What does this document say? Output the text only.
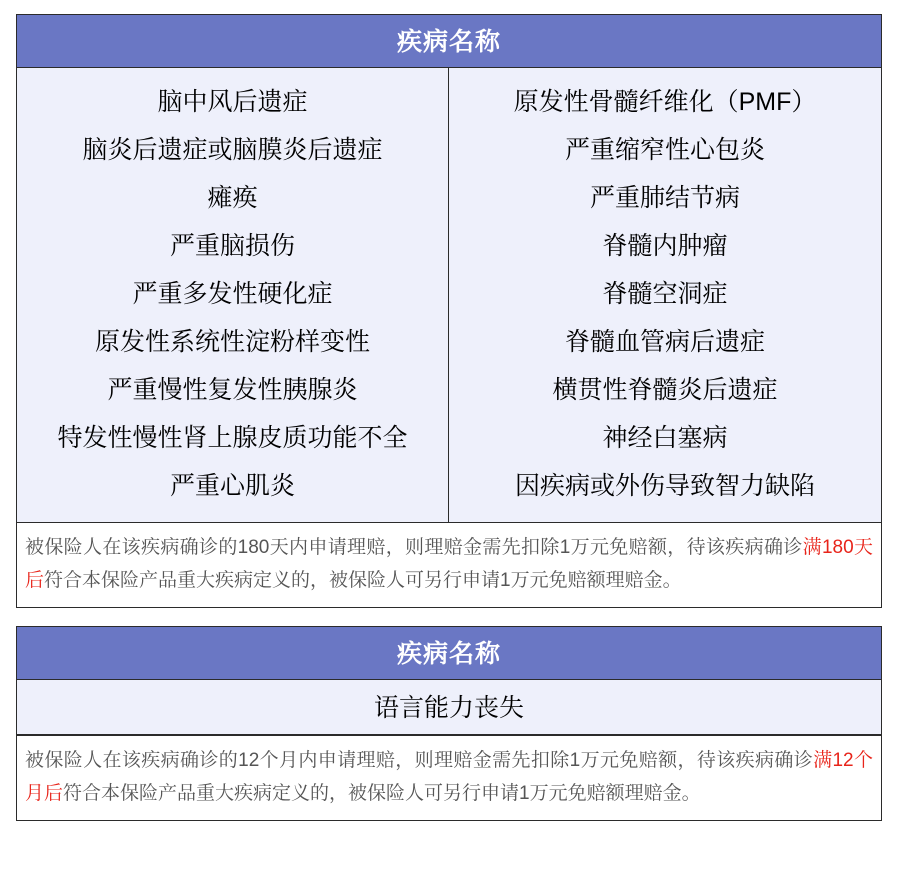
疾病名称
脑中风后遗症
脑炎后遗症或脑膜炎后遗症
瘫痪
严重脑损伤
严重多发性硬化症
原发性系统性淀粉样变性
严重慢性复发性胰腺炎
特发性慢性肾上腺皮质功能不全
严重心肌炎
原发性骨髓纤维化（PMF）
严重缩窄性心包炎
严重肺结节病
脊髓内肿瘤
脊髓空洞症
脊髓血管病后遗症
横贯性脊髓炎后遗症
神经白塞病
因疾病或外伤导致智力缺陷
被保险人在该疾病确诊的180天内申请理赔，则理赔金需先扣除1万元免赔额，待该疾病确诊满180天后符合本保险产品重大疾病定义的，被保险人可另行申请1万元免赔额理赔金。
疾病名称
语言能力丧失
被保险人在该疾病确诊的12个月内申请理赔，则理赔金需先扣除1万元免赔额，待该疾病确诊满12个月后符合本保险产品重大疾病定义的，被保险人可另行申请1万元免赔额理赔金。
